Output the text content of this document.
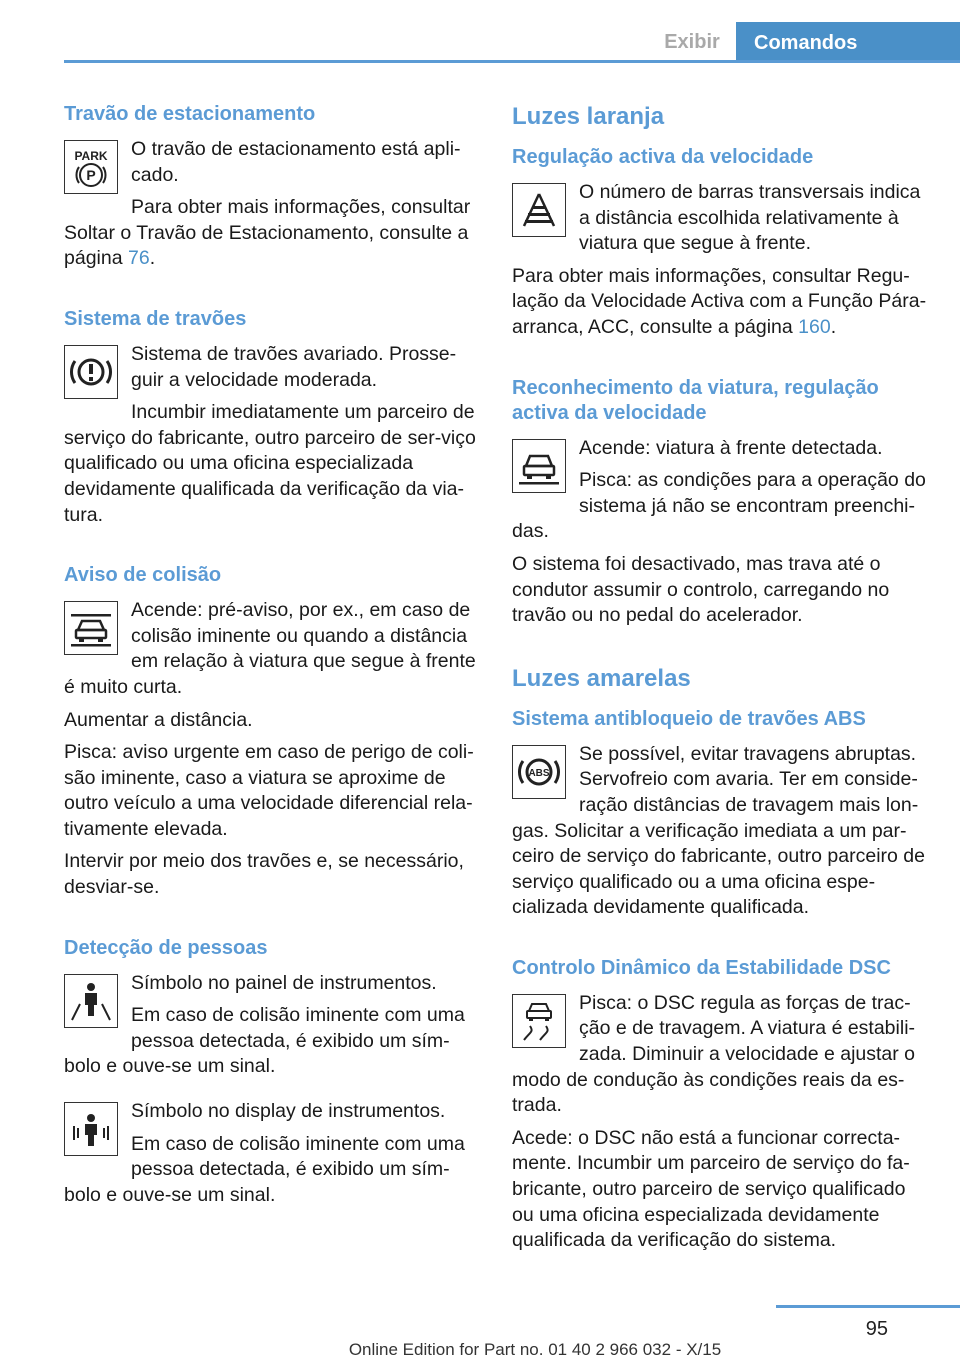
Exibir	Comandos
Travão de estacionamento
PARK
P

O travão de estacionamento está apli-cado.

Para obter mais informações, consultar Soltar o Travão de Estacionamento, consulte a página 76.

Sistema de travões

Sistema de travões avariado. Prosse-guir a velocidade moderada.

Incumbir imediatamente um parceiro de serviço do fabricante, outro parceiro de ser-viço qualificado ou uma oficina especializada devidamente qualificada da verificação da via-tura.

Aviso de colisão

Acende: pré-aviso, por ex., em caso de colisão iminente ou quando a distância em relação à viatura que segue à frente é muito curta.

Aumentar a distância.

Pisca: aviso urgente em caso de perigo de coli-são iminente, caso a viatura se aproxime de outro veículo a uma velocidade diferencial rela-tivamente elevada.

Intervir por meio dos travões e, se necessário, desviar-se.

Detecção de pessoas

Símbolo no painel de instrumentos.

Em caso de colisão iminente com uma pessoa detectada, é exibido um sím-bolo e ouve-se um sinal.

Símbolo no display de instrumentos.

Em caso de colisão iminente com uma pessoa detectada, é exibido um sím-bolo e ouve-se um sinal.

Luzes laranja
Regulação activa da velocidade

O número de barras transversais indica a distância escolhida relativamente à viatura que segue à frente.

Para obter mais informações, consultar Regu-lação da Velocidade Activa com a Função Pára-arranca, ACC, consulte a página 160.

Reconhecimento da viatura, regulação activa da velocidade

Acende: viatura à frente detectada.

Pisca: as condições para a operação do sistema já não se encontram preenchi-das.

O sistema foi desactivado, mas trava até o condutor assumir o controlo, carregando no travão ou no pedal do acelerador.

Luzes amarelas
Sistema antibloqueio de travões ABS
ABS

Se possível, evitar travagens abruptas. Servofreio com avaria. Ter em conside-ração distâncias de travagem mais lon-gas. Solicitar a verificação imediata a um par-ceiro de serviço do fabricante, outro parceiro de serviço qualificado ou a uma oficina espe-cializada devidamente qualificada.

Controlo Dinâmico da Estabilidade DSC

Pisca: o DSC regula as forças de trac-ção e de travagem. A viatura é estabili-zada. Diminuir a velocidade e ajustar o modo de condução às condições reais da es-trada.

Acede: o DSC não está a funcionar correcta-mente. Incumbir um parceiro de serviço do fa-bricante, outro parceiro de serviço qualificado ou uma oficina especializada devidamente qualificada da verificação do sistema.

95
Online Edition for Part no. 01 40 2 966 032 - X/15
